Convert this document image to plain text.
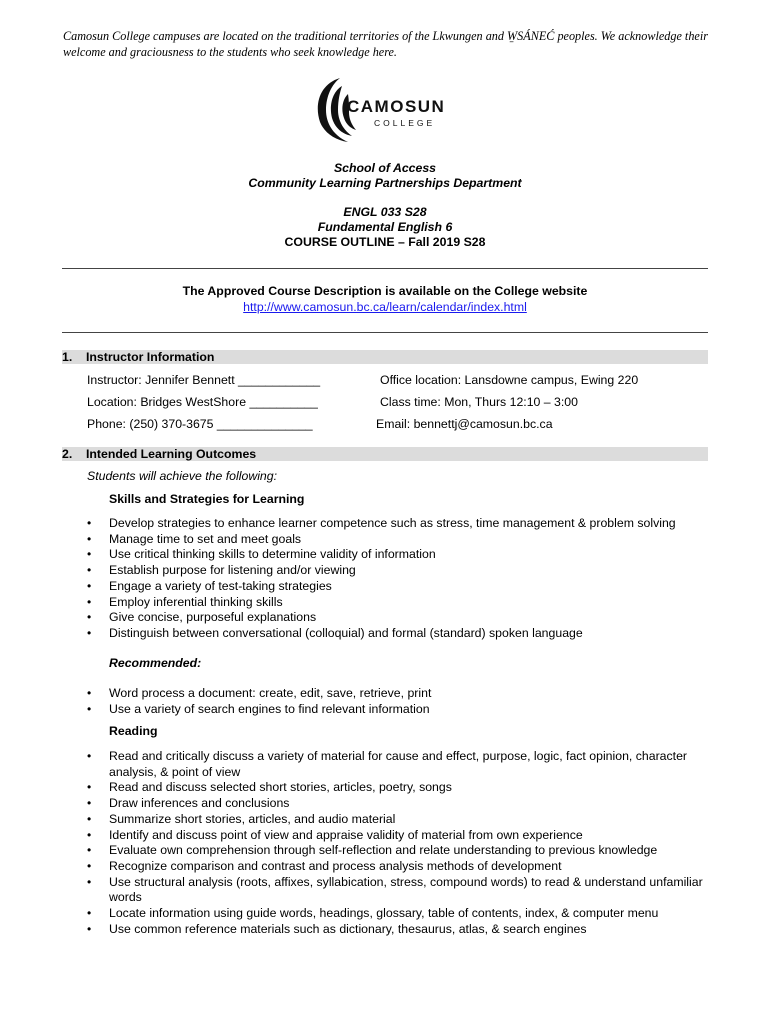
Camosun College campuses are located on the traditional territories of the Lkwungen and W̱SÁNEĆ peoples. We acknowledge their welcome and graciousness to the students who seek knowledge here.
CAMOSUN
COLLEGE
School of Access
Community Learning Partnerships Department
ENGL 033 S28
Fundamental English 6
COURSE OUTLINE – Fall 2019 S28
The Approved Course Description is available on the College website
http://www.camosun.bc.ca/learn/calendar/index.html
1. Instructor Information
Instructor: Jennifer Bennett ____________	Office location: Lansdowne campus, Ewing 220
Location: Bridges WestShore __________	Class time: Mon, Thurs 12:10 – 3:00
Phone: (250) 370-3675 ______________	Email: bennettj@camosun.bc.ca
2. Intended Learning Outcomes
Students will achieve the following:
Skills and Strategies for Learning
• Develop strategies to enhance learner competence such as stress, time management & problem solving
• Manage time to set and meet goals
• Use critical thinking skills to determine validity of information
• Establish purpose for listening and/or viewing
• Engage a variety of test-taking strategies
• Employ inferential thinking skills
• Give concise, purposeful explanations
• Distinguish between conversational (colloquial) and formal (standard) spoken language
Recommended:
• Word process a document: create, edit, save, retrieve, print
• Use a variety of search engines to find relevant information
Reading
• Read and critically discuss a variety of material for cause and effect, purpose, logic, fact opinion, character analysis, & point of view
• Read and discuss selected short stories, articles, poetry, songs
• Draw inferences and conclusions
• Summarize short stories, articles, and audio material
• Identify and discuss point of view and appraise validity of material from own experience
• Evaluate own comprehension through self-reflection and relate understanding to previous knowledge
• Recognize comparison and contrast and process analysis methods of development
• Use structural analysis (roots, affixes, syllabication, stress, compound words) to read & understand unfamiliar words
• Locate information using guide words, headings, glossary, table of contents, index, & computer menu
• Use common reference materials such as dictionary, thesaurus, atlas, & search engines
